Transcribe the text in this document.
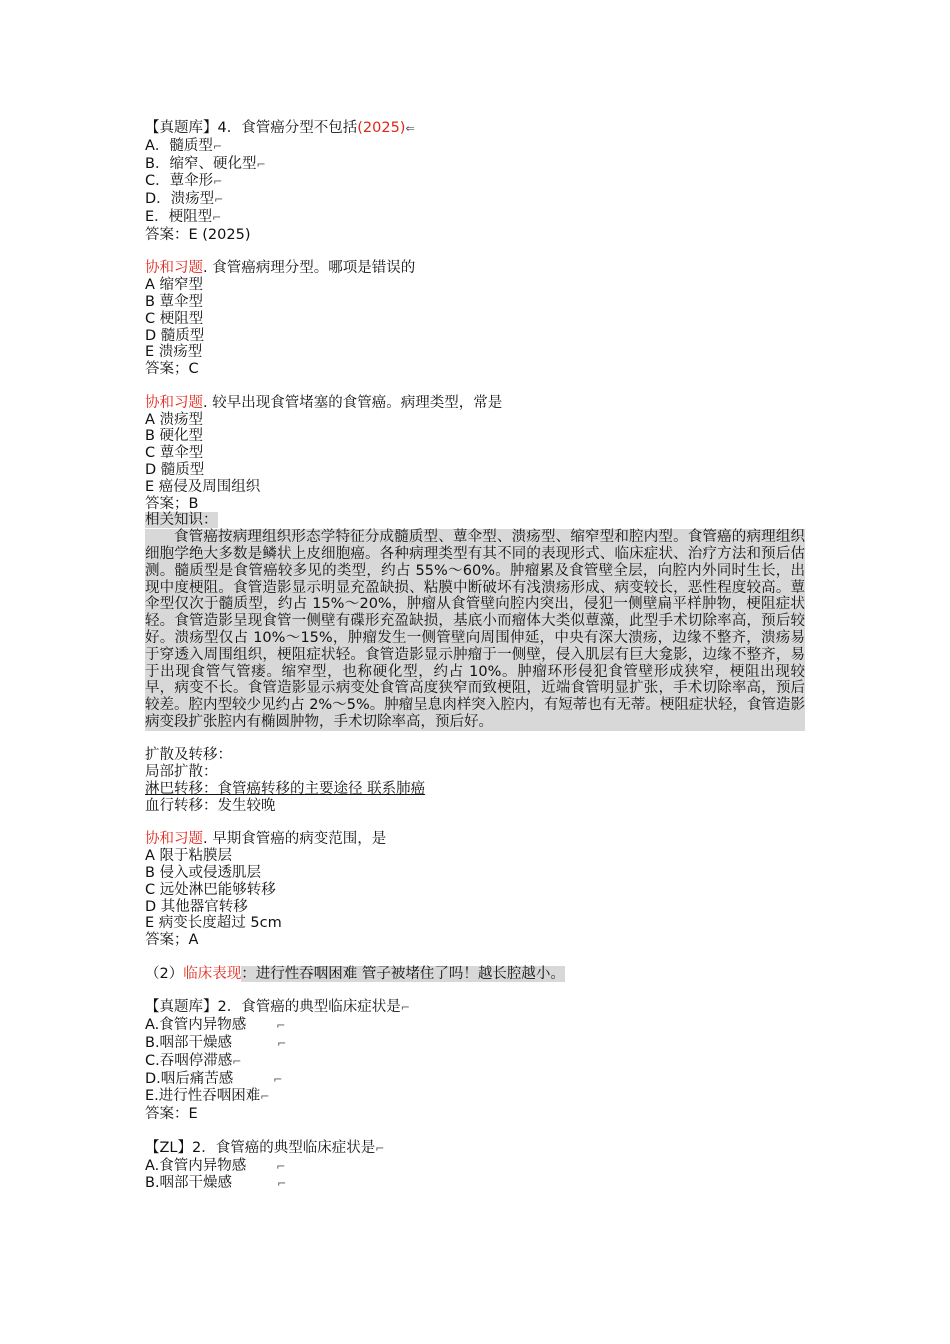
【真题库】4．食管癌分型不包括(2025)⇐
A．髓质型⌐
B．缩窄、硬化型⌐
C．蕈伞形⌐
D．溃疡型⌐
E．梗阻型⌐
答案：E (2025)
协和习题. 食管癌病理分型。哪项是错误的
A 缩窄型
B 蕈伞型
C 梗阻型
D 髓质型
E 溃疡型
答案；C
协和习题. 较早出现食管堵塞的食管癌。病理类型，常是
A 溃疡型
B 硬化型
C 蕈伞型
D 髓质型
E 癌侵及周围组织
答案；B
相关知识：
食管癌按病理组织形态学特征分成髓质型、蕈伞型、溃疡型、缩窄型和腔内型。食管癌的病理组织细胞学绝大多数是鳞状上皮细胞癌。各种病理类型有其不同的表现形式、临床症状、治疗方法和预后估测。髓质型是食管癌较多见的类型，约占 55%～60%。肿瘤累及食管壁全层，向腔内外同时生长，出现中度梗阻。食管造影显示明显充盈缺损、粘膜中断破坏有浅溃疡形成、病变较长，恶性程度较高。蕈伞型仅次于髓质型，约占 15%～20%，肿瘤从食管壁向腔内突出，侵犯一侧壁扁平样肿物，梗阻症状轻。食管造影呈现食管一侧壁有碟形充盈缺损，基底小而瘤体大类似蕈藻，此型手术切除率高，预后较好。溃疡型仅占 10%～15%，肿瘤发生一侧管壁向周围伸延，中央有深大溃疡，边缘不整齐，溃疡易于穿透入周围组织，梗阻症状轻。食管造影显示肿瘤于一侧壁，侵入肌层有巨大龛影，边缘不整齐，易于出现食管气管瘘。缩窄型，也称硬化型，约占 10%。肿瘤环形侵犯食管壁形成狭窄，梗阻出现较早，病变不长。食管造影显示病变处食管高度狭窄而致梗阻，近端食管明显扩张，手术切除率高，预后较差。腔内型较少见约占 2%～5%。肿瘤呈息肉样突入腔内，有短蒂也有无蒂。梗阻症状轻，食管造影病变段扩张腔内有椭圆肿物，手术切除率高，预后好。
扩散及转移：
局部扩散：
淋巴转移：食管癌转移的主要途径 联系肺癌
血行转移：发生较晚
协和习题. 早期食管癌的病变范围，是
A 限于粘膜层
B 侵入或侵透肌层
C 远处淋巴能够转移
D 其他器官转移
E 病变长度超过 5cm
答案；A
（2）临床表现：进行性吞咽困难 管子被堵住了吗！越长腔越小。
【真题库】2．食管癌的典型临床症状是⌐
A.食管内异物感	⌐
B.咽部干燥感	⌐
C.吞咽停滞感⌐
D.咽后痛苦感	⌐
E.进行性吞咽困难⌐
答案：E
【ZL】2．食管癌的典型临床症状是⌐
A.食管内异物感	⌐
B.咽部干燥感	⌐
